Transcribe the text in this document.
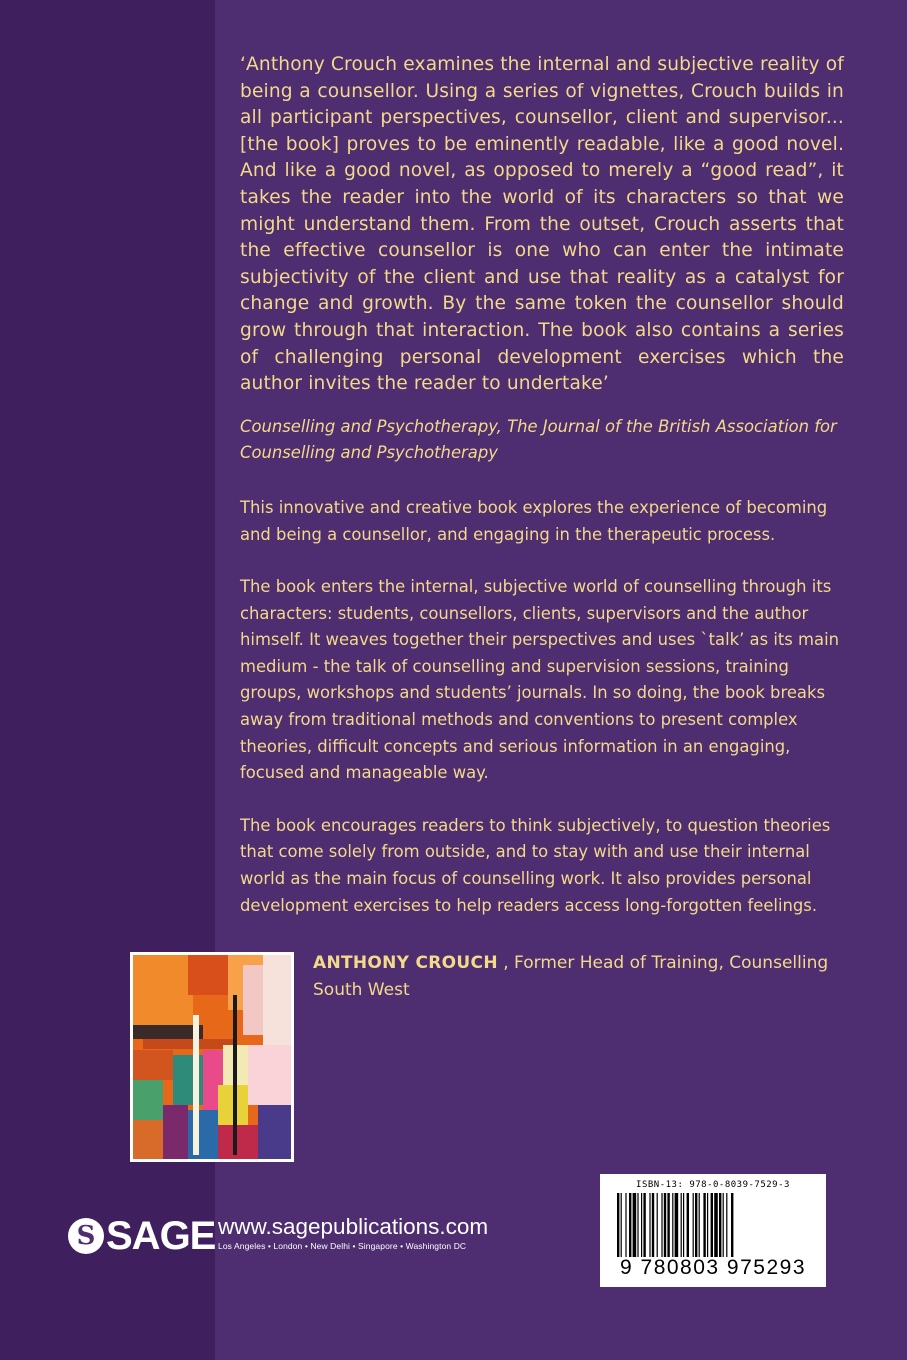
‘Anthony Crouch examines the internal and subjective reality of being a counsellor. Using a series of vignettes, Crouch builds in all participant perspectives, counsellor, client and supervisor... [the book] proves to be eminently readable, like a good novel. And like a good novel, as opposed to merely a “good read”, it takes the reader into the world of its characters so that we might understand them. From the outset, Crouch asserts that the effective counsellor is one who can enter the intimate subjectivity of the client and use that reality as a catalyst for change and growth. By the same token the counsellor should grow through that interaction. The book also contains a series of challenging personal development exercises which the author invites the reader to undertake’

Counselling and Psychotherapy, The Journal of the British Association for Counselling and Psychotherapy

This innovative and creative book explores the experience of becoming and being a counsellor, and engaging in the therapeutic process.

The book enters the internal, subjective world of counselling through its characters: students, counsellors, clients, supervisors and the author himself. It weaves together their perspectives and uses `talk’ as its main medium - the talk of counselling and supervision sessions, training groups, workshops and students’ journals. In so doing, the book breaks away from traditional methods and conventions to present complex theories, difficult concepts and serious information in an engaging, focused and manageable way.

The book encourages readers to think subjectively, to question theories that come solely from outside, and to stay with and use their internal world as the main focus of counselling work. It also provides personal development exercises to help readers access long-forgotten feelings.

ANTHONY CROUCH , Former Head of Training, Counselling South West
S SAGE www.sagepublications.com
Los Angeles • London • New Delhi • Singapore • Washington DC
ISBN-13: 978-0-8039-7529-3
9 780803 975293
